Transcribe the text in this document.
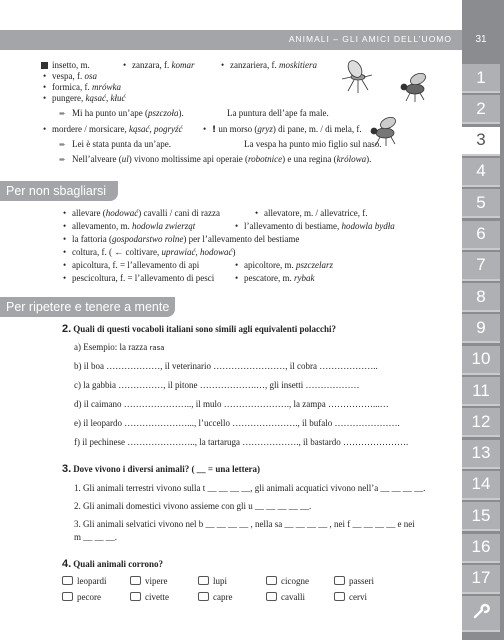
ANIMALI – GLI AMICI DELL’UOMO	31
1
2
3
4
5
6
7
8
9
10
11
12
13
14
15
16
17
insetto, m.	• zanzara, f. komar	• zanzariera, f. moskitiera
• vespa, f. osa
• formica, f. mrówka
• pungere, kąsać, kłuć
➨ Mi ha punto un’ape (pszczoła).	La puntura dell’ape fa male.
• mordere / morsicare, kąsać, pogryźć	• ! un morso (gryz) di pane, m. / di mela, f.
➨ Lei è stata punta da un’ape.	La vespa ha punto mio figlio sul naso.
➨ Nell’alveare (ul) vivono moltissime api operaie (robotnice) e una regina (królowa).
Per non sbagliarsi
• allevare (hodować) cavalli / cani di razza	• allevatore, m. / allevatrice, f.
• allevamento, m. hodowla zwierząt	• l’allevamento di bestiame, hodowla bydła
• la fattoria (gospodarstwo rolne) per l’allevamento del bestiame
• coltura, f. ( ← coltivare, uprawiać, hodować)
• apicoltura, f. = l’allevamento di api	• apicoltore, m. pszczelarz
• pescicoltura, f. = l’allevamento di pesci	• pescatore, m. rybak
Per ripetere e tenere a mente
2. Quali di questi vocaboli italiani sono simili agli equivalenti polacchi?
a) Esempio: la razza rasa
b) il boa ………………, il veterinario ……………………, il cobra ………………..
c) la gabbia ……………, il pitone ……………….…, gli insetti ………………
d) il caimano ………………….., il mulo …………………., la zampa ……………...…
e) il leopardo …………………..., l’uccello …………………., il bufalo ………………….
f) il pechinese ………………….., la tartaruga ………………., il bastardo ………………….
3. Dove vivono i diversi animali? ( __ = una lettera)
1. Gli animali terrestri vivono sulla t __ __ __ __, gli animali acquatici vivono nell’a __ __ __ __.
2. Gli animali domestici vivono assieme con gli u __ __ __ __ __.
3. Gli animali selvatici vivono nel b __ __ __ __ , nella sa __ __ __ __ , nei f __ __ __ __ e nei
m __ __ __.
4. Quali animali corrono?
leopardi	vipere	lupi	cicogne	passeri
pecore	civette	capre	cavalli	cervi
